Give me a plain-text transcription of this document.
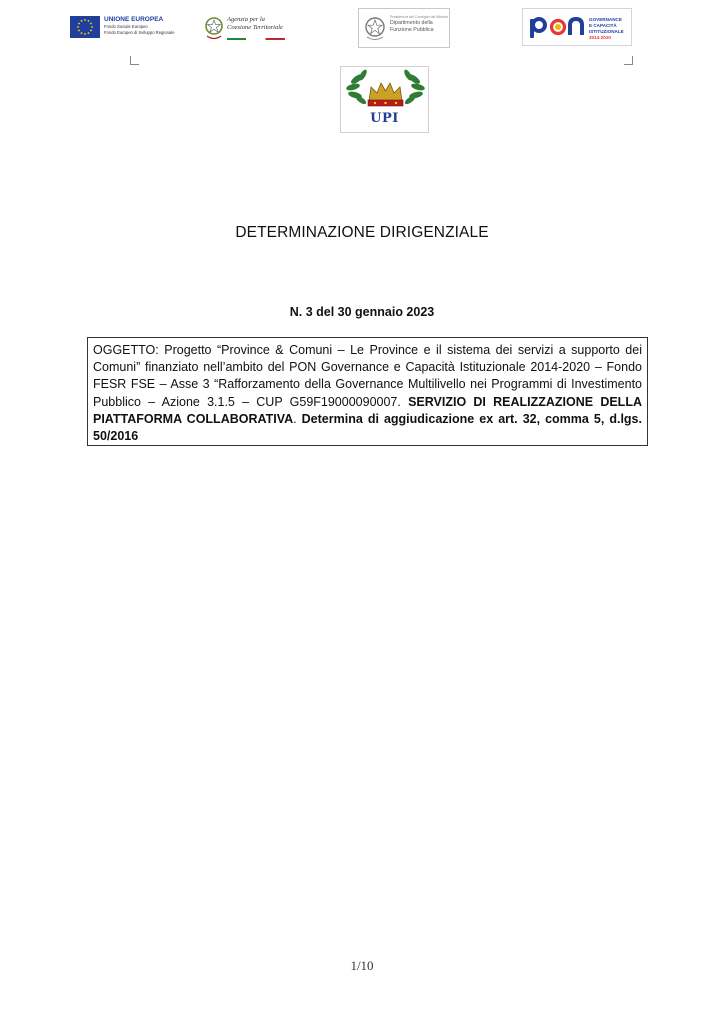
UNIONE EUROPEA
Fondo Sociale Europeo
Fondo Europeo di Sviluppo Regionale
Agenzia per la
Coesione Territoriale
Presidenza del Consiglio dei Ministri
Dipartimento della
Funzione Pubblica
GOVERNANCE
E CAPACITÀ
ISTITUZIONALE
2014-2020
UPI
DETERMINAZIONE DIRIGENZIALE
N. 3 del 30 gennaio 2023
OGGETTO: Progetto “Province & Comuni – Le Province e il sistema dei servizi a supporto dei Comuni” finanziato nell’ambito del PON Governance e Capacità Istituzionale 2014-2020 – Fondo FESR FSE – Asse 3 “Rafforzamento della Governance Multilivello nei Programmi di Investimento Pubblico – Azione 3.1.5 – CUP G59F19000090007. SERVIZIO DI REALIZZAZIONE DELLA PIATTAFORMA COLLABORATIVA. Determina di aggiudicazione ex art. 32, comma 5, d.lgs. 50/2016
1/10
